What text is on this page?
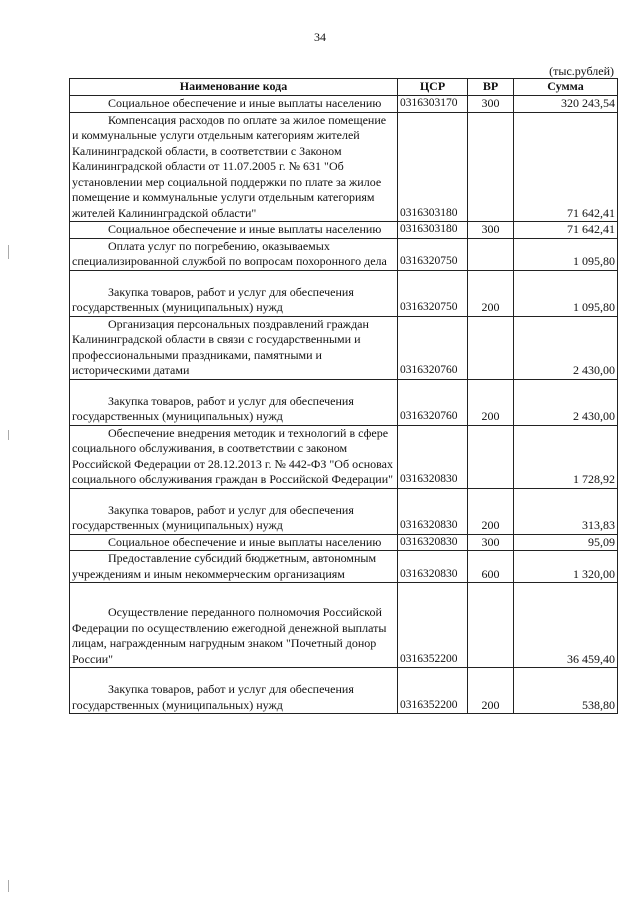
34
(тыс.рублей)
Наименование кода	ЦСР	ВР	Сумма

Социальное обеспечение и иные выплаты населению	0316303170	300	320 243,54

Компенсация расходов по оплате за жилое помещение и коммунальные услуги отдельным категориям жителей Калининградской области, в соответствии с Законом Калининградской области от 11.07.2005 г. № 631 "Об установлении мер социальной поддержки по плате за жилое помещение и коммунальные услуги отдельным категориям жителей Калининградской области"	0316303180		71 642,41

Социальное обеспечение и иные выплаты населению	0316303180	300	71 642,41

Оплата услуг по погребению, оказываемых специализированной службой по вопросам похоронного дела	0316320750		1 095,80

Закупка товаров, работ и услуг для обеспечения государственных (муниципальных) нужд	0316320750	200	1 095,80

Организация персональных поздравлений граждан Калининградской области в связи с государственными и профессиональными праздниками, памятными и историческими датами	0316320760		2 430,00

Закупка товаров, работ и услуг для обеспечения государственных (муниципальных) нужд	0316320760	200	2 430,00

Обеспечение внедрения методик и технологий в сфере социального обслуживания, в соответствии с законом Российской Федерации от 28.12.2013 г. № 442-ФЗ "Об основах социального обслуживания граждан в Российской Федерации"	0316320830		1 728,92

Закупка товаров, работ и услуг для обеспечения государственных (муниципальных) нужд	0316320830	200	313,83

Социальное обеспечение и иные выплаты населению	0316320830	300	95,09

Предоставление субсидий бюджетным, автономным учреждениям и иным некоммерческим организациям	0316320830	600	1 320,00

Осуществление переданного полномочия Российской Федерации по осуществлению ежегодной денежной выплаты лицам, награжденным нагрудным знаком "Почетный донор России"	0316352200		36 459,40

Закупка товаров, работ и услуг для обеспечения государственных (муниципальных) нужд	0316352200	200	538,80
